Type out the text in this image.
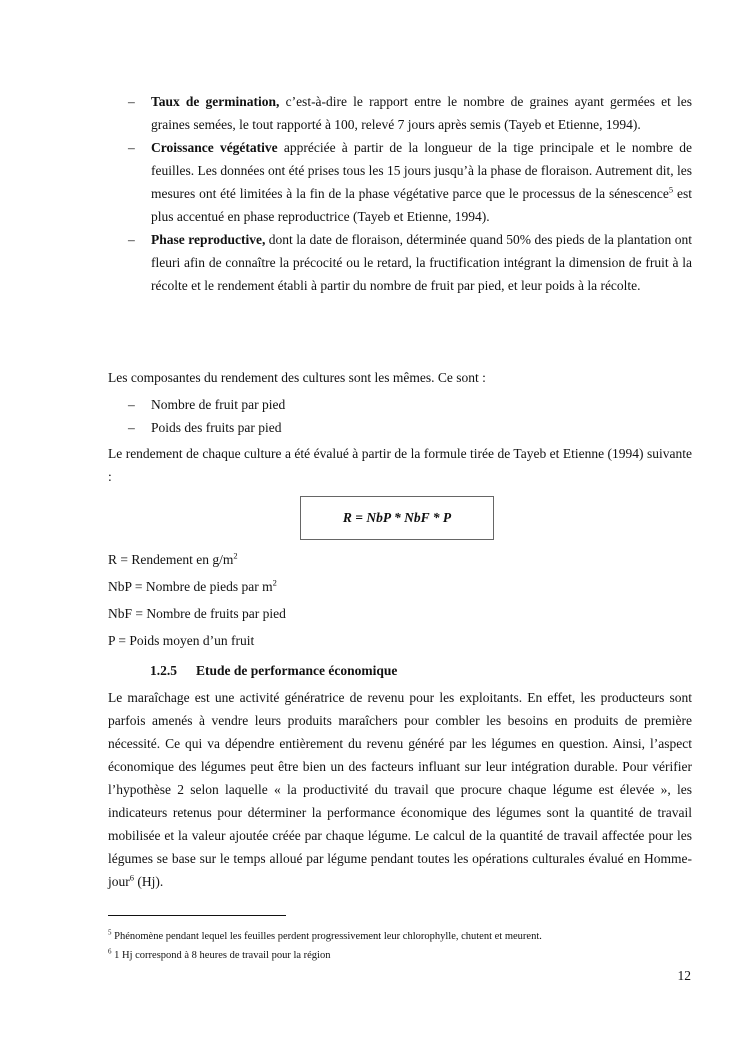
– Taux de germination, c’est-à-dire le rapport entre le nombre de graines ayant germées et les graines semées, le tout rapporté à 100, relevé 7 jours après semis (Tayeb et Etienne, 1994).

– Croissance végétative appréciée à partir de la longueur de la tige principale et le nombre de feuilles. Les données ont été prises tous les 15 jours jusqu’à la phase de floraison. Autrement dit, les mesures ont été limitées à la fin de la phase végétative parce que le processus de la sénescence$^5$ est plus accentué en phase reproductrice (Tayeb et Etienne, 1994).

– Phase reproductive, dont la date de floraison, déterminée quand 50% des pieds de la plantation ont fleuri afin de connaître la précocité ou le retard, la fructification intégrant la dimension de fruit à la récolte et le rendement établi à partir du nombre de fruit par pied, et leur poids à la récolte.

Les composantes du rendement des cultures sont les mêmes. Ce sont :
– Nombre de fruit par pied

– Poids des fruits par pied

Le rendement de chaque culture a été évalué à partir de la formule tirée de Tayeb et Etienne (1994) suivante :
R = NbP * NbF * P
R = Rendement en $g/m^2$
NbP = Nombre de pieds par $m^2$
NbF = Nombre de fruits par pied
P = Poids moyen d’un fruit
1.2.5 Etude de performance économique
Le maraîchage est une activité génératrice de revenu pour les exploitants. En effet, les producteurs sont parfois amenés à vendre leurs produits maraîchers pour combler les besoins en produits de première nécessité. Ce qui va dépendre entièrement du revenu généré par les légumes en question. Ainsi, l’aspect économique des légumes peut être bien un des facteurs influant sur leur intégration durable. Pour vérifier l’hypothèse 2 selon laquelle « la productivité du travail que procure chaque légume est élevée », les indicateurs retenus pour déterminer la performance économique des légumes sont la quantité de travail mobilisée et la valeur ajoutée créée par chaque légume. Le calcul de la quantité de travail affectée pour les légumes se base sur le temps alloué par légume pendant toutes les opérations culturales évalué en Homme-jour$^6$ (Hj).
$^5$ Phénomène pendant lequel les feuilles perdent progressivement leur chlorophylle, chutent et meurent.
$^6$ 1 Hj correspond à 8 heures de travail pour la région
12
